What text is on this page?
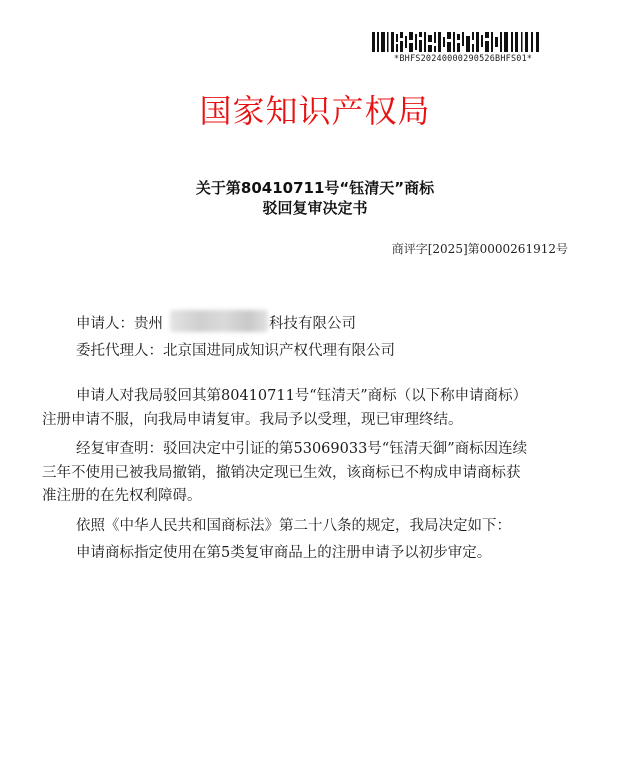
*BHFS20240000290526BHFS01*
国家知识产权局
关于第80410711号“钰清天”商标
驳回复审决定书
商评字[2025]第0000261912号
申请人：贵州	科技有限公司
委托代理人：北京国进同成知识产权代理有限公司

申请人对我局驳回其第80410711号“钰清天”商标（以下称申请商标）
注册申请不服，向我局申请复审。我局予以受理，现已审理终结。

经复审查明：驳回决定中引证的第53069033号“钰清天御”商标因连续
三年不使用已被我局撤销，撤销决定现已生效，该商标已不构成申请商标获
准注册的在先权利障碍。

依照《中华人民共和国商标法》第二十八条的规定，我局决定如下：

申请商标指定使用在第5类复审商品上的注册申请予以初步审定。
